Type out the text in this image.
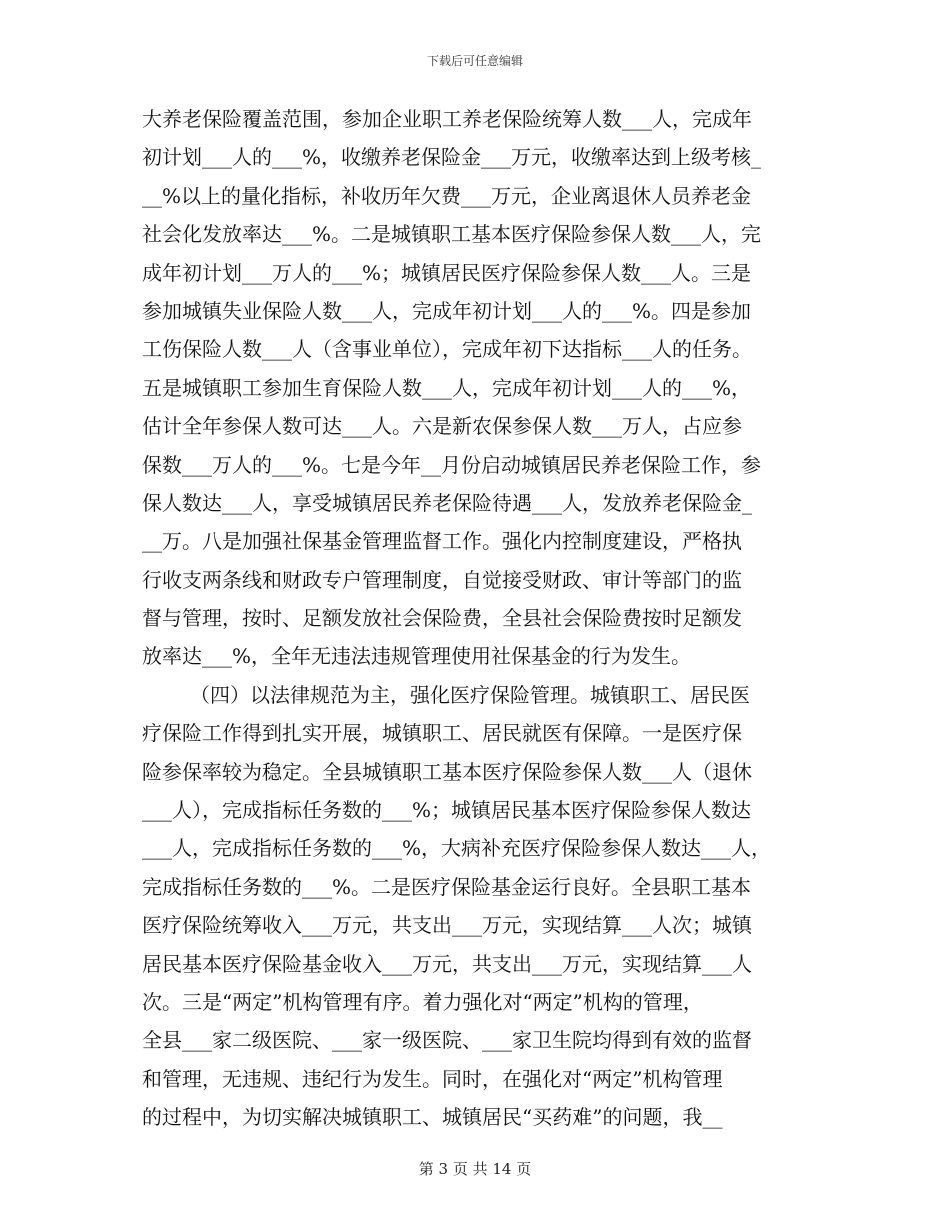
下载后可任意编辑
大养老保险覆盖范围，参加企业职工养老保险统筹人数___人，完成年
初计划___人的___%，收缴养老保险金___万元，收缴率达到上级考核_
__%以上的量化指标，补收历年欠费___万元，企业离退休人员养老金
社会化发放率达___%。二是城镇职工基本医疗保险参保人数___人，完
成年初计划___万人的___%；城镇居民医疗保险参保人数___人。三是
参加城镇失业保险人数___人，完成年初计划___人的___%。四是参加
工伤保险人数___人（含事业单位），完成年初下达指标___人的任务。
五是城镇职工参加生育保险人数___人，完成年初计划___人的___%，
估计全年参保人数可达___人。六是新农保参保人数___万人，占应参
保数___万人的___%。七是今年__月份启动城镇居民养老保险工作，参
保人数达___人，享受城镇居民养老保险待遇___人，发放养老保险金_
__万。八是加强社保基金管理监督工作。强化内控制度建设，严格执
行收支两条线和财政专户管理制度，自觉接受财政、审计等部门的监
督与管理，按时、足额发放社会保险费，全县社会保险费按时足额发
放率达___%，全年无违法违规管理使用社保基金的行为发生。
（四）以法律规范为主，强化医疗保险管理。城镇职工、居民医
疗保险工作得到扎实开展，城镇职工、居民就医有保障。一是医疗保
险参保率较为稳定。全县城镇职工基本医疗保险参保人数___人（退休
___人），完成指标任务数的___%；城镇居民基本医疗保险参保人数达
___人，完成指标任务数的___%，大病补充医疗保险参保人数达___人，
完成指标任务数的___%。二是医疗保险基金运行良好。全县职工基本
医疗保险统筹收入___万元，共支出___万元，实现结算___人次；城镇
居民基本医疗保险基金收入___万元，共支出___万元，实现结算___人
次。三是“两定”机构管理有序。着力强化对“两定”机构的管理，
全县___家二级医院、___家一级医院、___家卫生院均得到有效的监督
和管理，无违规、违纪行为发生。同时，在强化对“两定”机构管理
的过程中，为切实解决城镇职工、城镇居民“买药难”的问题，我__
第 3 页 共 14 页
